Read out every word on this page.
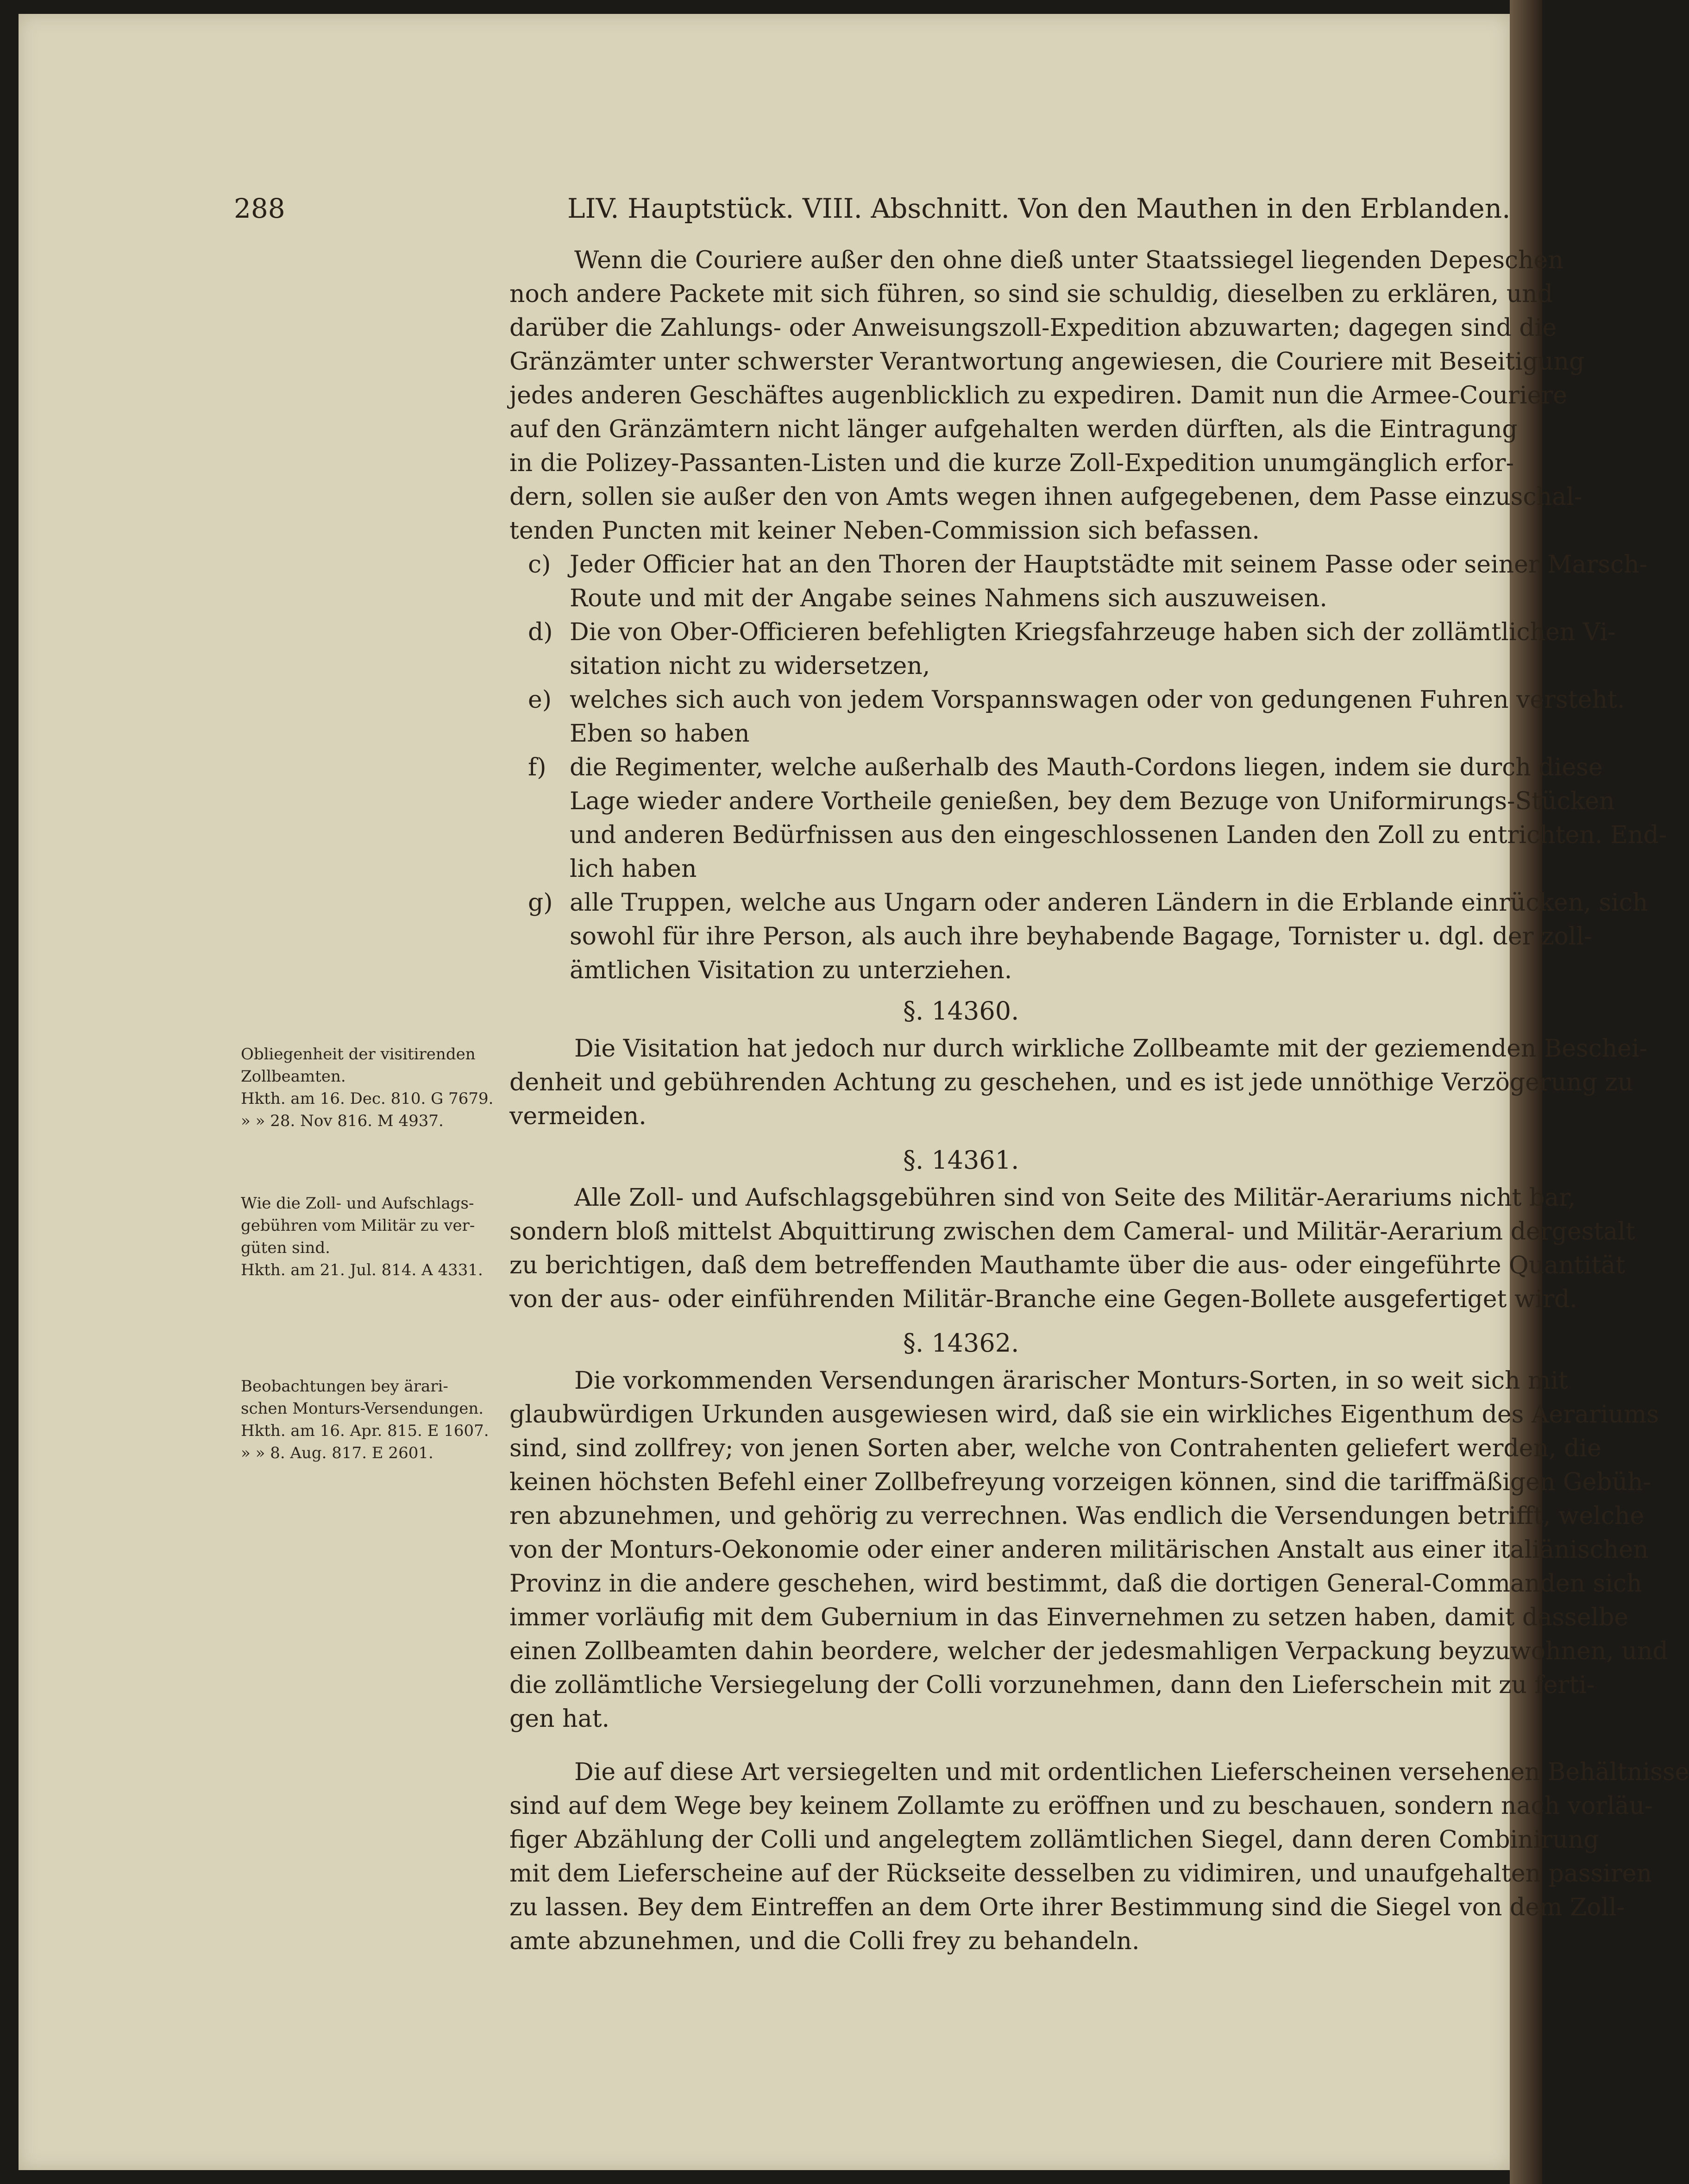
288	LIV. Hauptstück. VIII. Abschnitt. Von den Mauthen in den Erblanden.
Wenn die Couriere außer den ohne dieß unter Staatssiegel liegenden Depeschen
noch andere Packete mit sich führen, so sind sie schuldig, dieselben zu erklären, und
darüber die Zahlungs- oder Anweisungszoll-Expedition abzuwarten; dagegen sind die
Gränzämter unter schwerster Verantwortung angewiesen, die Couriere mit Beseitigung
jedes anderen Geschäftes augenblicklich zu expediren. Damit nun die Armee-Couriere
auf den Gränzämtern nicht länger aufgehalten werden dürften, als die Eintragung
in die Polizey-Passanten-Listen und die kurze Zoll-Expedition unumgänglich erfor-
dern, sollen sie außer den von Amts wegen ihnen aufgegebenen, dem Passe einzuschal-
tenden Puncten mit keiner Neben-Commission sich befassen.
c) Jeder Officier hat an den Thoren der Hauptstädte mit seinem Passe oder seiner Marsch-
Route und mit der Angabe seines Nahmens sich auszuweisen.
d) Die von Ober-Officieren befehligten Kriegsfahrzeuge haben sich der zollämtlichen Vi-
sitation nicht zu widersetzen,
e) welches sich auch von jedem Vorspannswagen oder von gedungenen Fuhren versteht.
Eben so haben
f) die Regimenter, welche außerhalb des Mauth-Cordons liegen, indem sie durch diese
Lage wieder andere Vortheile genießen, bey dem Bezuge von Uniformirungs-Stücken
und anderen Bedürfnissen aus den eingeschlossenen Landen den Zoll zu entrichten. End-
lich haben
g) alle Truppen, welche aus Ungarn oder anderen Ländern in die Erblande einrücken, sich
sowohl für ihre Person, als auch ihre beyhabende Bagage, Tornister u. dgl. der zoll-
ämtlichen Visitation zu unterziehen.
§. 14360.
Die Visitation hat jedoch nur durch wirkliche Zollbeamte mit der geziemenden Beschei-
denheit und gebührenden Achtung zu geschehen, und es ist jede unnöthige Verzögerung zu
vermeiden.
Obliegenheit der visitirenden
Zollbeamten.
Hkth. am 16. Dec. 810. G 7679.
» » 28. Nov 816. M 4937.
§. 14361.
Alle Zoll- und Aufschlagsgebühren sind von Seite des Militär-Aerariums nicht bar,
sondern bloß mittelst Abquittirung zwischen dem Cameral- und Militär-Aerarium dergestalt
zu berichtigen, daß dem betreffenden Mauthamte über die aus- oder eingeführte Quantität
von der aus- oder einführenden Militär-Branche eine Gegen-Bollete ausgefertiget wird.
Wie die Zoll- und Aufschlags-
gebühren vom Militär zu ver-
güten sind.
Hkth. am 21. Jul. 814. A 4331.
§. 14362.
Die vorkommenden Versendungen ärarischer Monturs-Sorten, in so weit sich mit
glaubwürdigen Urkunden ausgewiesen wird, daß sie ein wirkliches Eigenthum des Aerariums
sind, sind zollfrey; von jenen Sorten aber, welche von Contrahenten geliefert werden, die
keinen höchsten Befehl einer Zollbefreyung vorzeigen können, sind die tariffmäßigen Gebüh-
ren abzunehmen, und gehörig zu verrechnen. Was endlich die Versendungen betrifft, welche
von der Monturs-Oekonomie oder einer anderen militärischen Anstalt aus einer italiänischen
Provinz in die andere geschehen, wird bestimmt, daß die dortigen General-Commanden sich
immer vorläufig mit dem Gubernium in das Einvernehmen zu setzen haben, damit dasselbe
einen Zollbeamten dahin beordere, welcher der jedesmahligen Verpackung beyzuwohnen, und
die zollämtliche Versiegelung der Colli vorzunehmen, dann den Lieferschein mit zu ferti-
gen hat.
Beobachtungen bey ärari-
schen Monturs-Versendungen.
Hkth. am 16. Apr. 815. E 1607.
» » 8. Aug. 817. E 2601.
Die auf diese Art versiegelten und mit ordentlichen Lieferscheinen versehenen Behältnisse
sind auf dem Wege bey keinem Zollamte zu eröffnen und zu beschauen, sondern nach vorläu-
figer Abzählung der Colli und angelegtem zollämtlichen Siegel, dann deren Combinirung
mit dem Lieferscheine auf der Rückseite desselben zu vidimiren, und unaufgehalten passiren
zu lassen. Bey dem Eintreffen an dem Orte ihrer Bestimmung sind die Siegel von dem Zoll-
amte abzunehmen, und die Colli frey zu behandeln.
